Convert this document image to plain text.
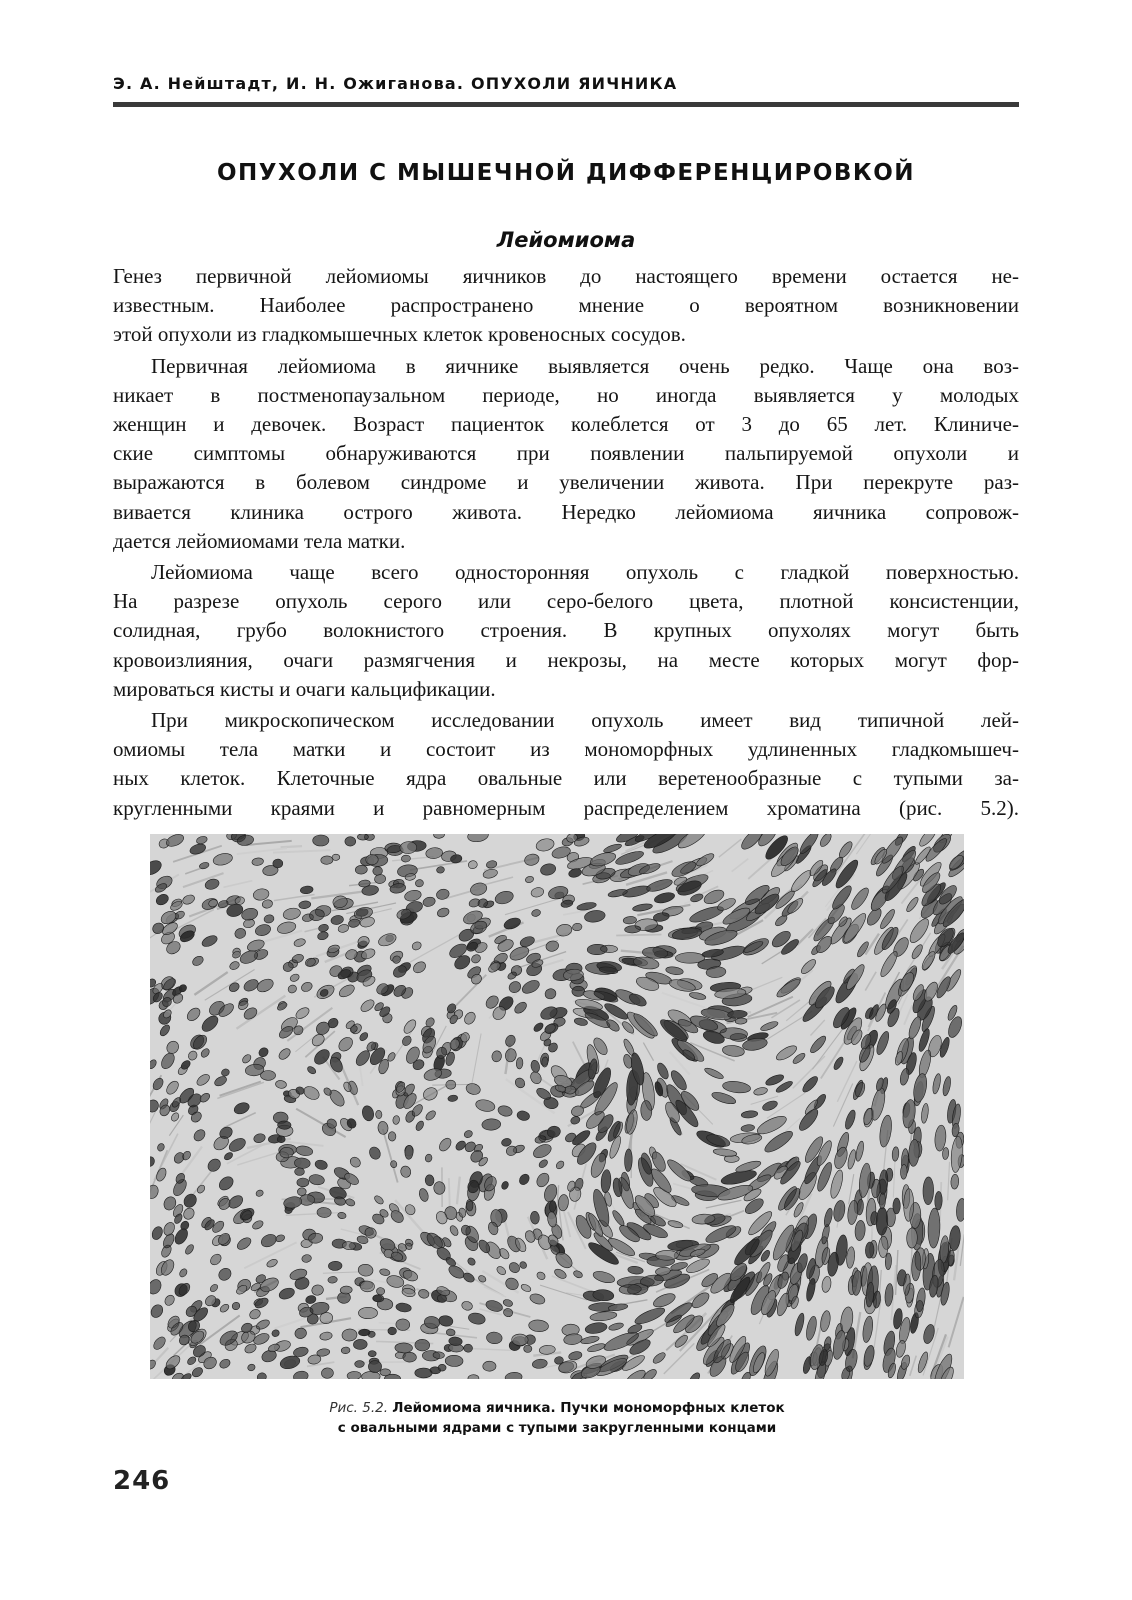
Э. А. Нейштадт, И. Н. Ожиганова. ОПУХОЛИ ЯИЧНИКА
ОПУХОЛИ С МЫШЕЧНОЙ ДИФФЕРЕНЦИРОВКОЙ
Лейомиома

Генез первичной лейомиомы яичников до настоящего времени остается не-
известным. Наиболее распространено мнение о вероятном возникновении
этой опухоли из гладкомышечных клеток кровеносных сосудов.

Первичная лейомиома в яичнике выявляется очень редко. Чаще она воз-
никает в постменопаузальном периоде, но иногда выявляется у молодых
женщин и девочек. Возраст пациенток колеблется от 3 до 65 лет. Клиниче-
ские симптомы обнаруживаются при появлении пальпируемой опухоли и
выражаются в болевом синдроме и увеличении живота. При перекруте раз-
вивается клиника острого живота. Нередко лейомиома яичника сопровож-
дается лейомиомами тела матки.

Лейомиома чаще всего односторонняя опухоль с гладкой поверхностью.
На разрезе опухоль серого или серо-белого цвета, плотной консистенции,
солидная, грубо волокнистого строения. В крупных опухолях могут быть
кровоизлияния, очаги размягчения и некрозы, на месте которых могут фор-
мироваться кисты и очаги кальцификации.

При микроскопическом исследовании опухоль имеет вид типичной лей-
омиомы тела матки и состоит из мономорфных удлиненных гладкомышеч-
ных клеток. Клеточные ядра овальные или веретенообразные с тупыми за-
кругленными краями и равномерным распределением хроматина (рис. 5.2).

Рис. 5.2. Лейомиома яичника. Пучки мономорфных клеток
с овальными ядрами с тупыми закругленными концами
246
